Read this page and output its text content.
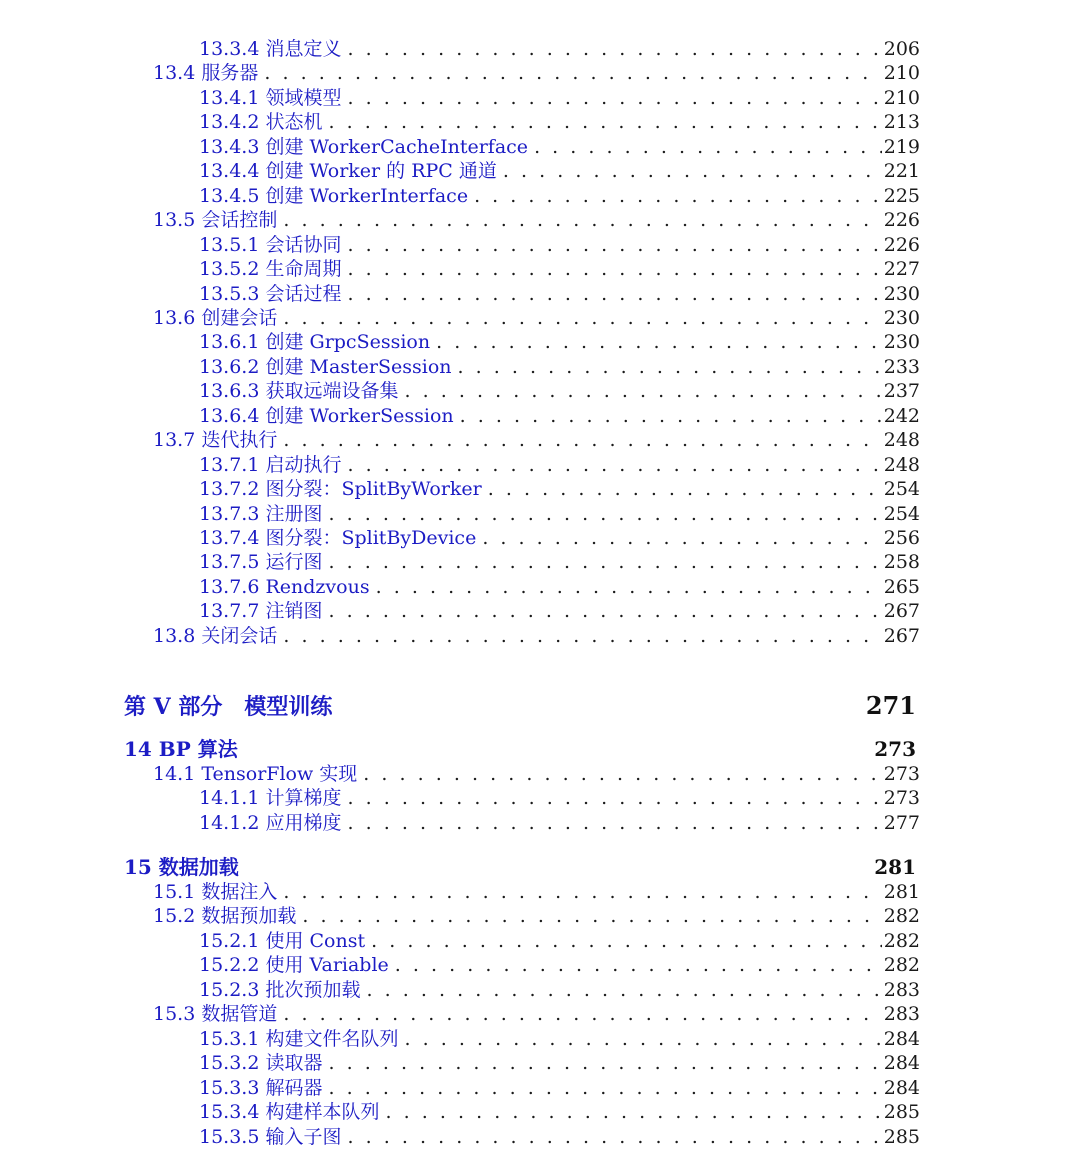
13.3.4 消息定义 . .	206
13.4 服务器 . .	210
13.4.1 领域模型 . .	210
13.4.2 状态机 . .	213
13.4.3 创建 WorkerCacheInterface . .	219
13.4.4 创建 Worker 的 RPC 通道 . .	221
13.4.5 创建 WorkerInterface . .	225
13.5 会话控制 . .	226
13.5.1 会话协同 . .	226
13.5.2 生命周期 . .	227
13.5.3 会话过程 . .	230
13.6 创建会话 . .	230
13.6.1 创建 GrpcSession . .	230
13.6.2 创建 MasterSession . .	233
13.6.3 获取远端设备集 . .	237
13.6.4 创建 WorkerSession . .	242
13.7 迭代执行 . .	248
13.7.1 启动执行 . .	248
13.7.2 图分裂：SplitByWorker . .	254
13.7.3 注册图 . .	254
13.7.4 图分裂：SplitByDevice . .	256
13.7.5 运行图 . .	258
13.7.6 Rendzvous . .	265
13.7.7 注销图 . .	267
13.8 关闭会话 . .	267
第 V 部分　模型训练	271
14 BP 算法	273
14.1 TensorFlow 实现 . .	273
14.1.1 计算梯度 . .	273
14.1.2 应用梯度 . .	277
15 数据加载	281
15.1 数据注入 . .	281
15.2 数据预加载 . .	282
15.2.1 使用 Const . .	282
15.2.2 使用 Variable . .	282
15.2.3 批次预加载 . .	283
15.3 数据管道 . .	283
15.3.1 构建文件名队列 . .	284
15.3.2 读取器 . .	284
15.3.3 解码器 . .	284
15.3.4 构建样本队列 . .	285
15.3.5 输入子图 . .	285
